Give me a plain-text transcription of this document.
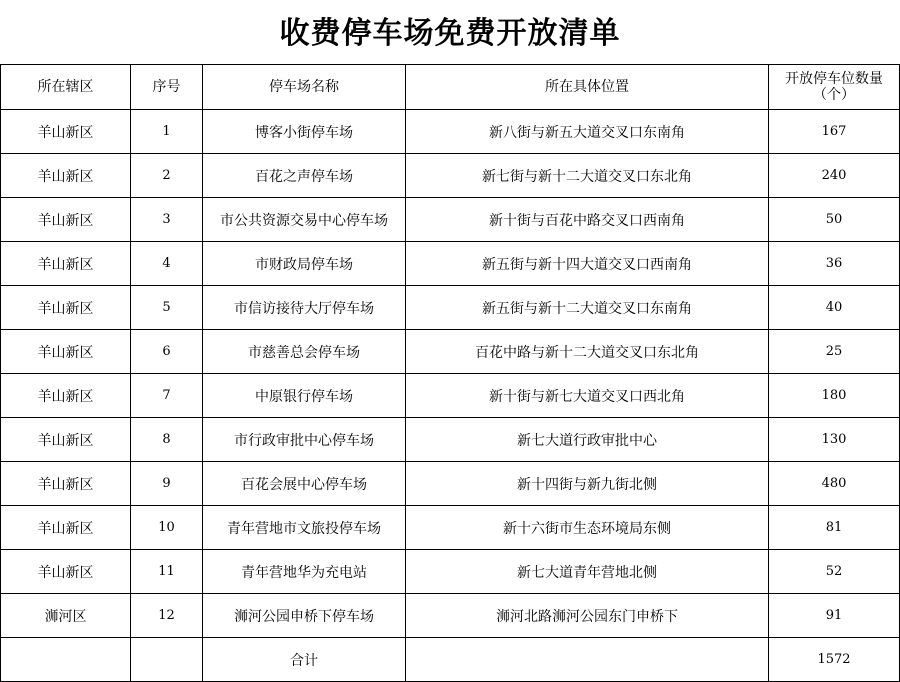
收费停车场免费开放清单
所在辖区	序号	停车场名称	所在具体位置	开放停车位数量
（个）

羊山新区	1	博客小街停车场	新八街与新五大道交叉口东南角	167
羊山新区	2	百花之声停车场	新七街与新十二大道交叉口东北角	240
羊山新区	3	市公共资源交易中心停车场	新十街与百花中路交叉口西南角	50
羊山新区	4	市财政局停车场	新五街与新十四大道交叉口西南角	36
羊山新区	5	市信访接待大厅停车场	新五街与新十二大道交叉口东南角	40
羊山新区	6	市慈善总会停车场	百花中路与新十二大道交叉口东北角	25
羊山新区	7	中原银行停车场	新十街与新七大道交叉口西北角	180
羊山新区	8	市行政审批中心停车场	新七大道行政审批中心	130
羊山新区	9	百花会展中心停车场	新十四街与新九街北侧	480
羊山新区	10	青年营地市文旅投停车场	新十六街市生态环境局东侧	81
羊山新区	11	青年营地华为充电站	新七大道青年营地北侧	52
浉河区	12	浉河公园申桥下停车场	浉河北路浉河公园东门申桥下	91
		合计		1572
